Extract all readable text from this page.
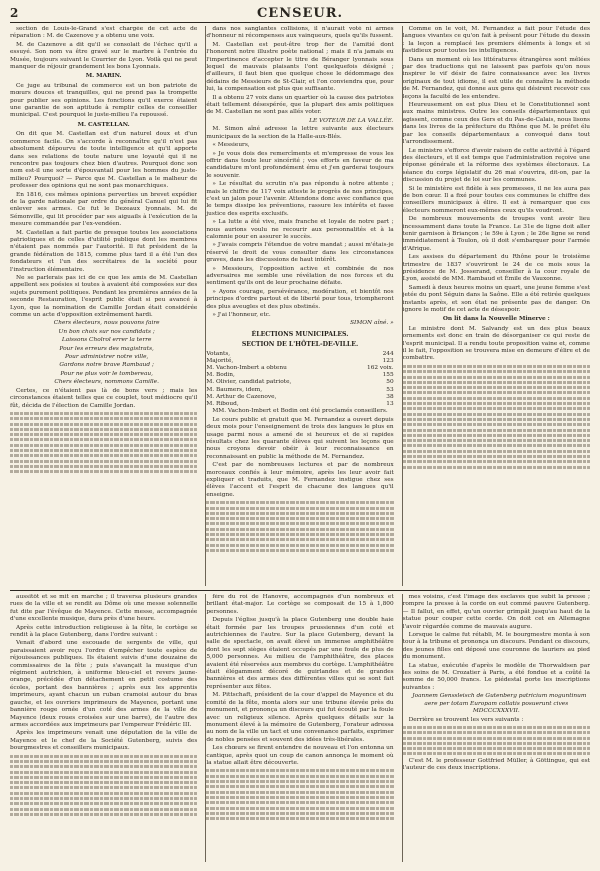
2	CENSEUR.

section de Louis-le-Grand s'est chargée de cet acte de réparation : M. de Cazenove y a obtenu une voix.

M. de Cazenove a dit qu'il se consolait de l'échec qu'il a essuyé. Son nom va être gravé sur le marbre à l'entrée du Musée, toujours suivant le Courrier de Lyon. Voilà qui ne peut manquer de réjouir grandement les bons Lyonnais.

M. MARIN.

Ce juge au tribunal de commerce est un bon patriote de mœurs douces et tranquilles, qui ne prend pas la trompette pour publier ses opinions. Les fonctions qu'il exerce étaient une garantie de son aptitude à remplir celles de conseiller municipal. C'est pourquoi le juste-milieu l'a repoussé.

M. CASTELLAN.

On dit que M. Castellan est d'un naturel doux et d'un commerce facile. On s'accorde à reconnaître qu'il n'est pas absolument dépourvu de toute intelligence et qu'il apporte dans ses relations de toute nature une loyauté qui il ne rencontre pas toujours chez bien d'autres. Pourquoi donc son nom est-il une sorte d'épouvantail pour les hommes du juste-milieu? Pourquoi? — Parce que M. Castellan a le malheur de professer des opinions qui ne sont pas monarchiques.

En 1816, ces mêmes opinions perverties un brevet expédier de la garde nationale par ordre du général Canuel qui lui fit enlever ses armes. Ce fut le Dezeaux lyonnais. M. de Sémonville, qui lit procéder par ses aiguails à l'exécution de la mesure commandée par l'ex-vendéen.

M. Castellan a fait partie de presque toutes les associations patriotiques et de celles d'utilité publique dont les membres n'étaient pas nommés par l'autorité. Il fut président de la grande fédération de 1815, comme plus tard il a été l'un des fondateurs et l'un des secrétaires de la société pour l'instruction élémentaire.

Ne se parlerais pas ici de ce que les amis de M. Castellan appellent ses poésies si toutes à avaient été composées sur des sujets purement politiques. Pendant les premières années de la seconde Restauration, l'esprit public était si peu avancé à Lyon, que la nomination de Camille Jordan était considérée comme un acte d'opposition extrêmement hardi.

Chers électeurs, nous pouvons faire

Un bon choix sur nos candidats ;

Laissons Cholrol errer la terre

Pour les erreurs des magistrats,

Pour administrer notre ville,

Gardons notre brave Rambaud ;

Pour ne plus voir le tombereau,

Chers électeurs, nommons Camille.

Certes, ce n'étaient pas là de bons vers ; mais les circonstances étaient telles que ce couplet, tout médiocre qu'il fût, décida de l'élection de Camille Jordan.

dans nos sanglantes collisions, il n'aurait voté ni armes d'honneur ni récompenses aux vainqueurs, quels qu'ils fussent.

M. Castellan est peut-être trop fier de l'amitié dont l'honorent notre illustre poète national ; mais il n'a jamais eu l'impertinence d'accepter le titre de Béranger lyonnais sous lequel de mauvais plaisants l'ont quelquefois désigné ; d'ailleurs, il faut bien que quelque chose le dédommage des dédains de Messieurs de St-Clair, et l'on conviendra que, pour lui, la compensation est plus que suffisante.

Il a obtenu 27 voix dans un quartier où la cause des patriotes était tellement désespérée, que la plupart des amis politiques de M. Castellan ne sont pas allés voter.

LE VOTEUR DE LA VALLÉE.

M. Simon aîné adresse la lettre suivante aux électeurs municipaux de la section de la Halle-aux-Blés.

« Messieurs,

» Je vous dois des remercîments et m'empresse de vous les offrir dans toute leur sincérité ; vos efforts en faveur de ma candidature m'ont profondément ému et j'en garderai toujours le souvenir.

» Le résultat du scrutin n'a pas répondu à notre attente ; mais le chiffre de 117 voix atteste le progrès de nos principes, c'est un jalon pour l'avenir. Attendons donc avec confiance que le temps dissipe les préventions, rassure les intérêts et fasse justice des esprits exclusifs.

» La lutte a été vive, mais franche et loyale de notre part ; nous aurions voulu ne recourir aux personnalités et à la calomnie pour en assurer le succès.

» J'avais compris l'étendue de votre mandat ; aussi m'étais-je réservé le droit de vous consulter dans les circonstances graves, dans les discussions de haut intérêt.

» Messieurs, l'opposition active et combinée de nos adversaires me semble une révélation de nos forces et du sentiment qu'ils ont de leur prochaine défaite.

» Ayons courage, persévérance, modération, et bientôt nos principes d'ordre partout et de liberté pour tous, triompheront des plus aveugles et des plus obstinés.

» J'ai l'honneur, etc.

SIMON aîné. »

ÉLECTIONS MUNICIPALES.
SECTION DE L'HÔTEL-DE-VILLE.
Votants,	244
Majorité,	123
M. Vachon-Imbert a obtenu	162 voix.
M. Bodin,	155
M. Olivier, candidat patriote,	50
M. Baumers, idem,	53
M. Arthur de Cazenove,	38
M. Riboud,	13

MM. Vachon-Imbert et Bodin ont été proclamés conseillers.

Le cours public et gratuit que M. Fernandez a ouvert depuis deux mois pour l'enseignement de trois des langues le plus en usage parmi nous a amené de si heureux et de si rapides résultats chez les quarante élèves qui suivent les leçons que nous croyons devoir obéir à leur reconnaissance en reconnaissant en public la méthode de M. Fernandez.

C'est par de nombreuses lectures et par de nombreux morceaux confiés à leur mémoire, après les leur avoir fait expliquer et traduits, que M. Fernandez instigue chez ses élèves l'accent et l'esprit de chacune des langues qu'il enseigne.

Comme on le voit, M. Fernandez a fait pour l'étude des langues vivantes ce qu'on fait à présent pour l'étude du dessin : la leçon a remplacé les premiers éléments à longs et si fastidieux pour toutes les intelligences.

Dans un moment où les littératures étrangères sont mêlées par des traductions qui ne laissent pas parfois qu'on nous inspirer le vif désir de faire connaissance avec les livres originaux de tout idiome, il est utile de connaître la méthode de M. Fernandez, qui donne aux gens qui désirent recevoir ces leçons la faculté de les entendre.

Heureusement on est plus Dieu et le Constitutionnel sont aux mains ministres. Outre les conseils départementaux qui agissent, comme ceux des Gers et du Pas-de-Calais, nous lisons dans les livres de la préfecture du Rhône que M. le préfet élu par les conseils départementaux a convoqué dans tout l'arrondissement.

Le ministre s'efforce d'avoir raison de cette activité à l'égard des électeurs, et il est temps que l'administration reçoive une réponse générale et la réforme des systèmes électoraux. La séance du corps législatif du 26 mai s'ouvrira, dit-on, par la discussion du projet de loi sur les communes.

Si le ministère est fidèle à ses promesses, il ne les aura pas de bon cœur. Il a fixé pour toutes ces communes le chiffre des conseillers municipaux à élire. Il est à remarquer que ces électeurs nommeront eux-mêmes ceux qu'ils voudront.

De nombreux mouvements de troupes vont avoir lieu incessamment dans toute la France. Le 31e de ligne doit aller tenir garnison à Briançon ; le 59e à Lyon ; le 26e ligne se rend immédiatement à Toulon, où il doit s'embarquer pour l'armée d'Afrique.

Les assises du département du Rhône pour le troisième trimestre de 1837 s'ouvriront le 24 de ce mois sous la présidence de M. Josserand, conseiller à la cour royale de Lyon, assisté de MM. Rambaud et Émile de Vauxonne.

Samedi à deux heures moins un quart, une jeune femme s'est jetée du pont Séguin dans la Saône. Elle a été retirée quelques instants après, et son état ne présente pas de danger. On ignore le motif de cet acte de désespoir.

On lit dans la Nouvelle Minerve :

Le ministre dont M. Salvandy est un des plus beaux ornements est donc en train de désorganiser ce qui reste de l'esprit municipal. Il a rendu toute proposition vaine et, comme il le fait, l'opposition se trouvera mise en demeure d'élire et de combattre.

aussitôt et se mit en marche ; il traversa plusieurs grandes rues de la ville et se rendit au Dôme où une messe solennelle fut dite par l'évêque de Mayence. Cette messe, accompagnée d'une excellente musique, dura près d'une heure.

Après cette introduction religieuse à la fête, le cortège se rendit à la place Gutenberg, dans l'ordre suivant :

Venait d'abord une escouade de sergents de ville, qui paraissaient avoir reçu l'ordre d'empêcher toute espèce de réjouissances publiques. Ils étaient suivis d'une douzaine de commissaires de la fête ; puis s'avançait la musique d'un régiment autrichien, à uniforme bleu-ciel et revers jaune-orange, précédée d'un détachement en petit costume des écoles, portant des bannières ; après eux les apprentis imprimeurs, ayant chacun un ruban cramoisi autour du bras gauche, et les ouvriers imprimeurs de Mayence, portant une bannière rouge ornée d'un coté des armes de la ville de Mayence (deux roues croisées sur une barre), de l'autre des armes accordées aux imprimeurs par l'empereur Frédéric III.

Après les imprimeurs venait une députation de la ville de Mayence et le chef de la Société Gutenberg, suivis des bourgmestres et conseillers municipaux.

fère du roi de Hanovre, accompagnés d'un nombreux et brillant état-major. Le cortège se composait de 15 à 1,800 personnes.

Depuis l'église jusqu'à la place Gutenberg une double haie était formée par les troupes prussiennes d'un coté et autrichiennes de l'autre. Sur la place Gutenberg, devant la salle de spectacle, on avait élevé un immense amphithéâtre dont les sept sièges étaient occupés par une foule de plus de 5,000 personnes. Au milieu de l'amphithéâtre, des places avaient été réservées aux membres du cortège. L'amphithéâtre était élégamment décoré de guirlandes et de grandes bannières et des armes des différentes villes qui se sont fait représenter aux fêtes.

M. Pittschaft, président de la cour d'appel de Mayence et du comité de la fête, monta alors sur une tribune élevée près du monument, et prononça un discours qui fut écouté par la foule avec un religieux silence. Après quelques détails sur la monument élevé à la mémoire de Gutenberg, l'orateur adressa au nom de la ville un tact et une convenance parfaits, exprimer de nobles pensées et souvent des idées très-libérales.

Les chœurs se firent entendre de nouveau et l'on entonna un cantique, après quoi un coup de canon annonça le moment où la statue allait être découverte.

mes voisins, c'est l'image des esclaves que subit la presse ; rompre la presse à la corde on eut commé pauvre Gutenberg. — Il fallut, en effet, qu'un ouvrier grimpât jusqu'au haut de la statue pour couper cette corde. On doit cet en Allemagne l'avoir régardée comme de mauvais augure.

Lorsque le calme fut rétabli, M. le bourgmestre monta à son tour à la tribune et prononça un discours. Pendant ce discours, des jeunes filles ont déposé une couronne de lauriers au pied du monument.

La statue, exécutée d'après le modèle de Thorwaldsen par les soins de M. Crozatier à Paris, a été fondue et a coûté la somme de 50,000 francs. Le piédestal porte les inscriptions suivantes :

Joannem Genssleisch de Gutenberg patricium moguntinum aere per totam Europam collatis posuerunt cives MDCCCXXXVII.

Derrière se trouvent les vers suivants :

C'est M. le professeur Gottfried Müller, à Göttingue, qui est l'auteur de ces deux inscriptions.
